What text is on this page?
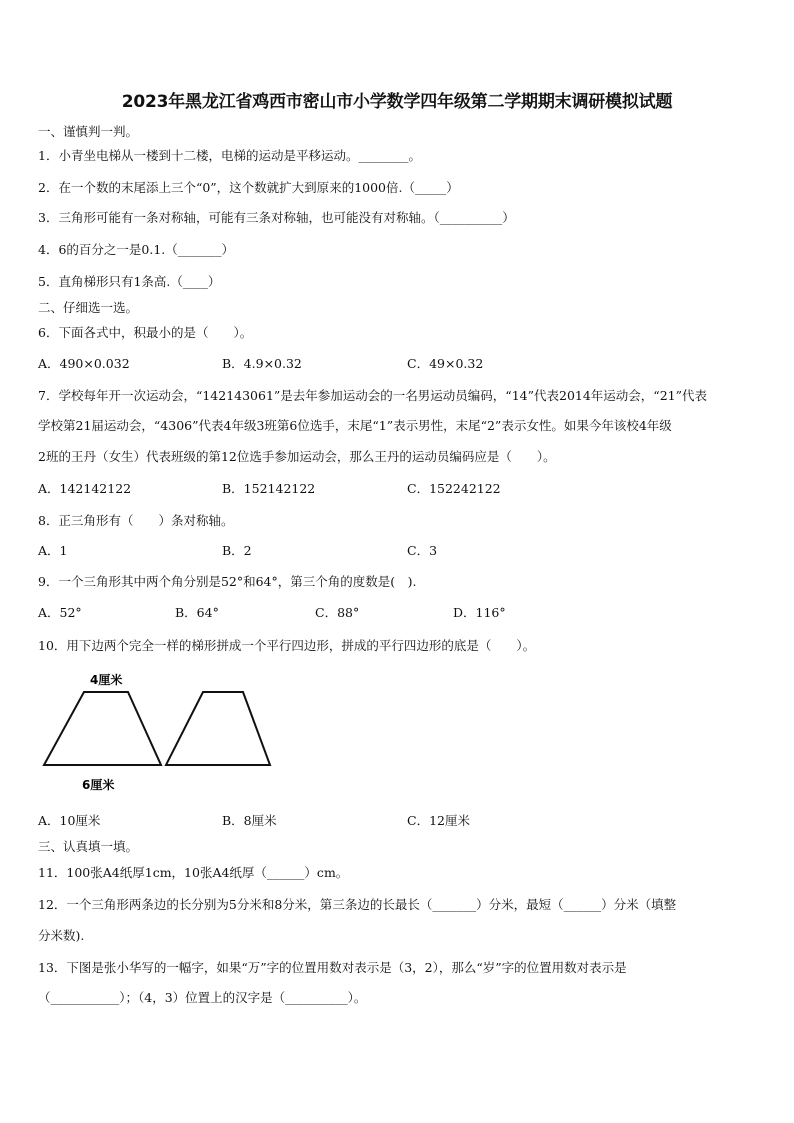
2023年黑龙江省鸡西市密山市小学数学四年级第二学期期末调研模拟试题
一、谨慎判一判。
1．小青坐电梯从一楼到十二楼，电梯的运动是平移运动。________。
2．在一个数的末尾添上三个“0”，这个数就扩大到原来的1000倍.（_____）
3．三角形可能有一条对称轴，可能有三条对称轴，也可能没有对称轴。（__________）
4．6的百分之一是0.1.（_______）
5．直角梯形只有1条高.（____）
二、仔细选一选。
6．下面各式中，积最小的是（　　）。
A．490×0.032	B．4.9×0.32	C．49×0.32
7．学校每年开一次运动会，“142143061”是去年参加运动会的一名男运动员编码，“14”代表2014年运动会，“21”代表
学校第21届运动会，“4306”代表4年级3班第6位选手，末尾“1”表示男性，末尾“2”表示女性。如果今年该校4年级
2班的王丹（女生）代表班级的第12位选手参加运动会，那么王丹的运动员编码应是（　　）。
A．142142122	B．152142122	C．152242122
8．正三角形有（　　）条对称轴。
A．1	B．2	C．3
9．一个三角形其中两个角分别是52°和64°，第三个角的度数是(　).
A．52°	B．64°	C．88°	D．116°
10．用下边两个完全一样的梯形拼成一个平行四边形，拼成的平行四边形的底是（　　）。
4厘米
6厘米
A．10厘米	B．8厘米	C．12厘米
三、认真填一填。
11．100张A4纸厚1cm，10张A4纸厚（______）cm。
12．一个三角形两条边的长分别为5分米和8分米，第三条边的长最长（_______）分米，最短（______）分米（填整
分米数).
13．下图是张小华写的一幅字，如果“万”字的位置用数对表示是（3，2），那么“岁”字的位置用数对表示是
（___________）；（4，3）位置上的汉字是（__________）。
